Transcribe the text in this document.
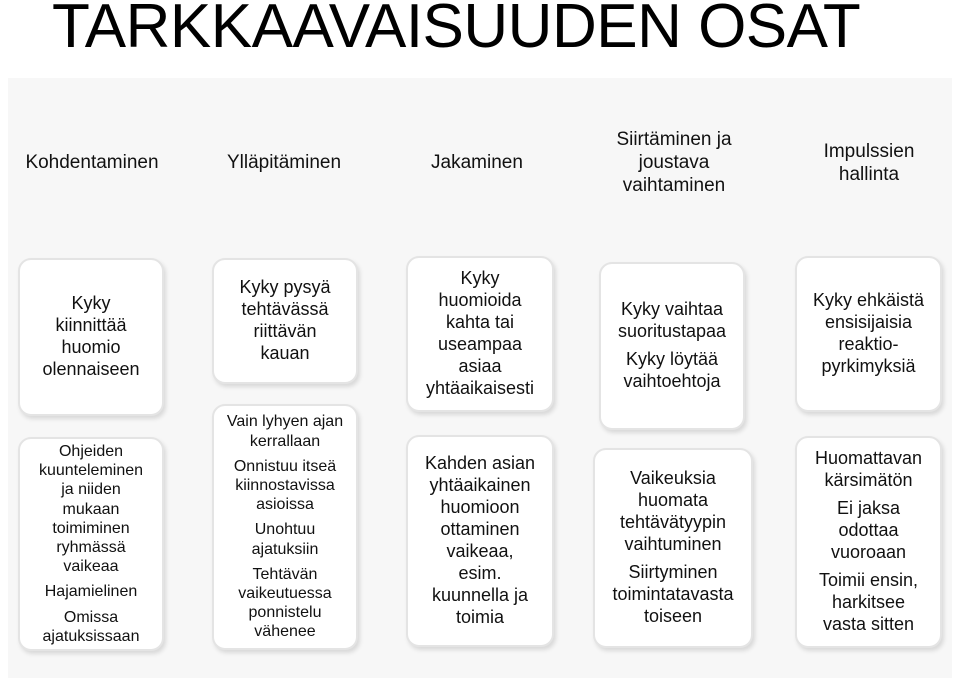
TARKKAAVAISUUDEN OSAT
Kohdentaminen	Ylläpitäminen	Jakaminen
Siirtäminen ja
joustava
vaihtaminen
Impulssien
hallinta
Kyky
kiinnittää
huomio
olennaiseen
Ohjeiden
kuunteleminen
ja niiden
mukaan
toimiminen
ryhmässä
vaikeaa
Hajamielinen
Omissa
ajatuksissaan
Kyky pysyä
tehtävässä
riittävän
kauan
Vain lyhyen ajan
kerrallaan
Onnistuu itseä
kiinnostavissa
asioissa
Unohtuu
ajatuksiin
Tehtävän
vaikeutuessa
ponnistelu
vähenee
Kyky
huomioida
kahta tai
useampaa
asiaa
yhtäaikaisesti
Kahden asian
yhtäaikainen
huomioon
ottaminen
vaikeaa,
esim.
kuunnella ja
toimia
Kyky vaihtaa
suoritustapaa
Kyky löytää
vaihtoehtoja
Vaikeuksia
huomata
tehtävätyypin
vaihtuminen
Siirtyminen
toimintatavasta
toiseen
Kyky ehkäistä
ensisijaisia
reaktio-
pyrkimyksiä
Huomattavan
kärsimätön
Ei jaksa
odottaa
vuoroaan
Toimii ensin,
harkitsee
vasta sitten
